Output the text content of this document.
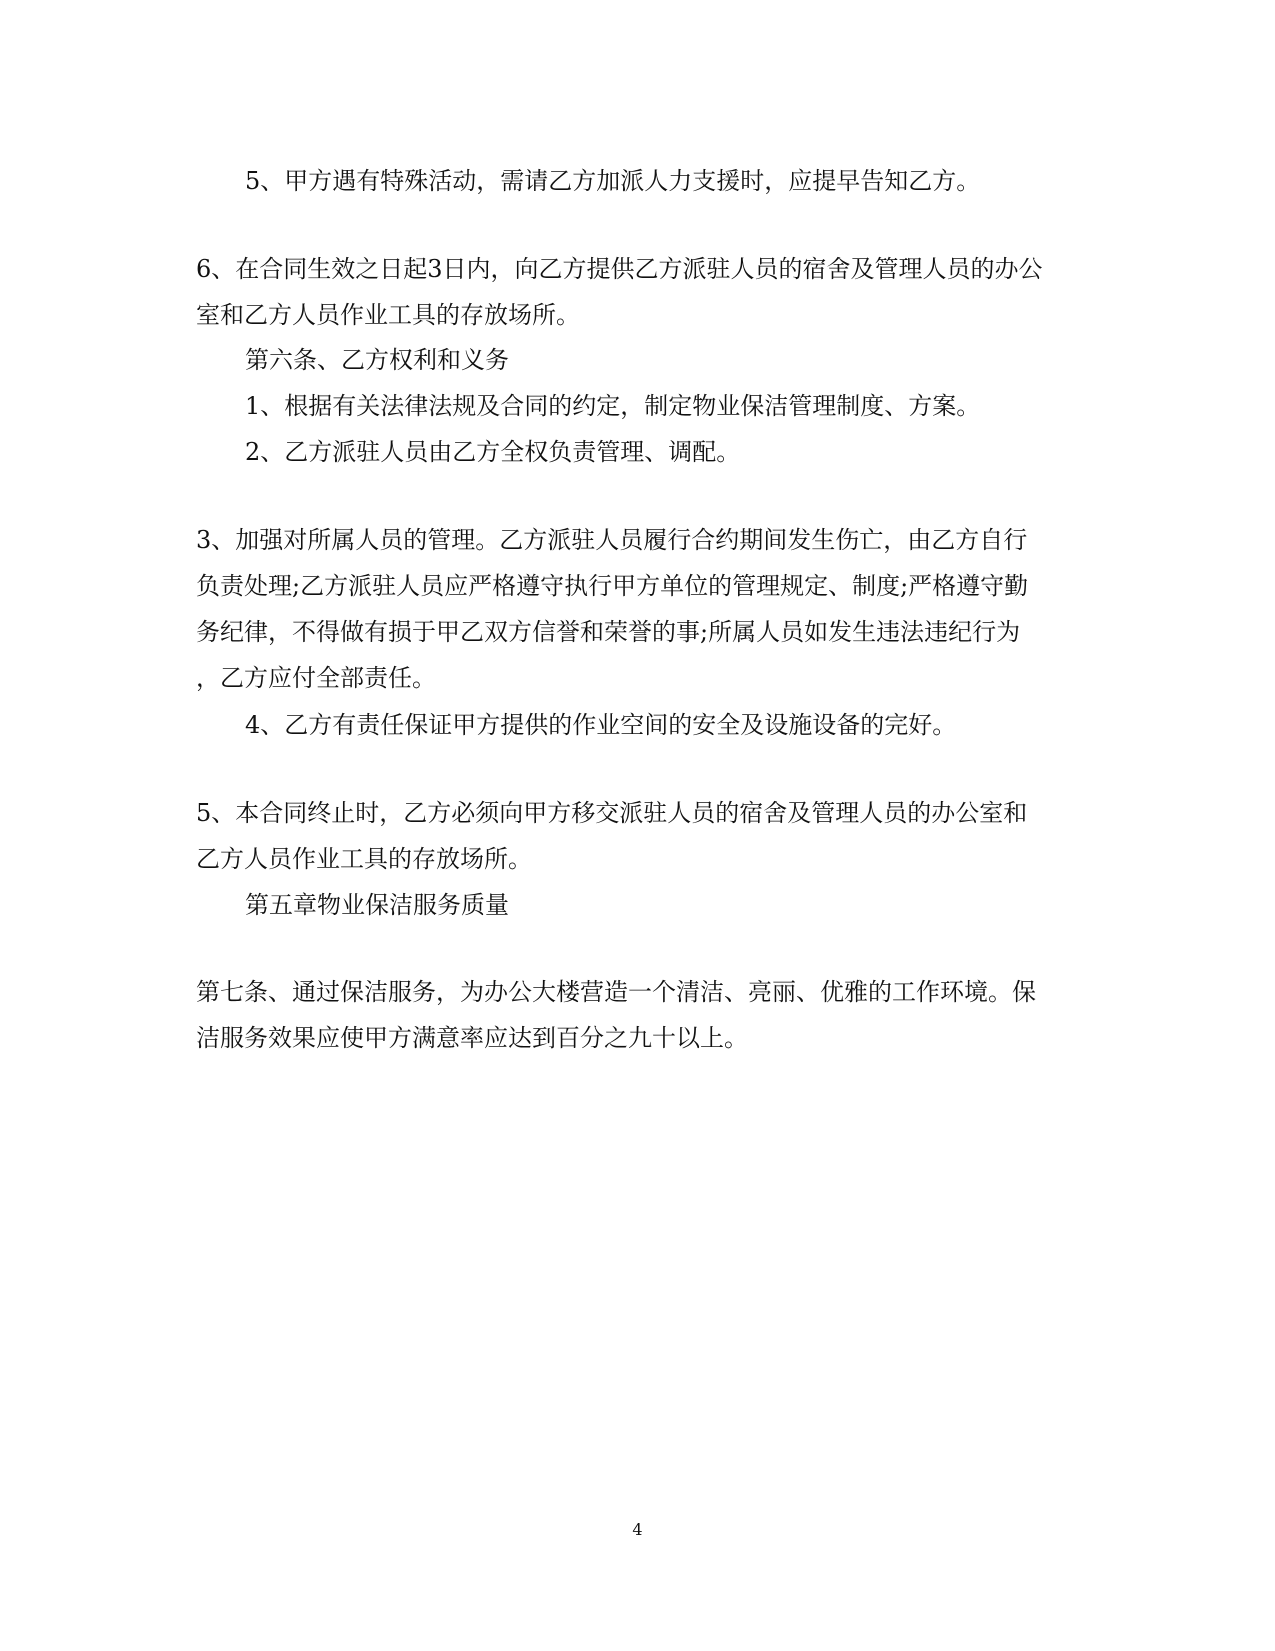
5、甲方遇有特殊活动，需请乙方加派人力支援时，应提早告知乙方。
6、在合同生效之日起3日内，向乙方提供乙方派驻人员的宿舍及管理人员的办公
室和乙方人员作业工具的存放场所。
第六条、乙方权利和义务
1、根据有关法律法规及合同的约定，制定物业保洁管理制度、方案。
2、乙方派驻人员由乙方全权负责管理、调配。
3、加强对所属人员的管理。乙方派驻人员履行合约期间发生伤亡，由乙方自行
负责处理;乙方派驻人员应严格遵守执行甲方单位的管理规定、制度;严格遵守勤
务纪律，不得做有损于甲乙双方信誉和荣誉的事;所属人员如发生违法违纪行为
，乙方应付全部责任。
4、乙方有责任保证甲方提供的作业空间的安全及设施设备的完好。
5、本合同终止时，乙方必须向甲方移交派驻人员的宿舍及管理人员的办公室和
乙方人员作业工具的存放场所。
第五章物业保洁服务质量
第七条、通过保洁服务，为办公大楼营造一个清洁、亮丽、优雅的工作环境。保
洁服务效果应使甲方满意率应达到百分之九十以上。
4
